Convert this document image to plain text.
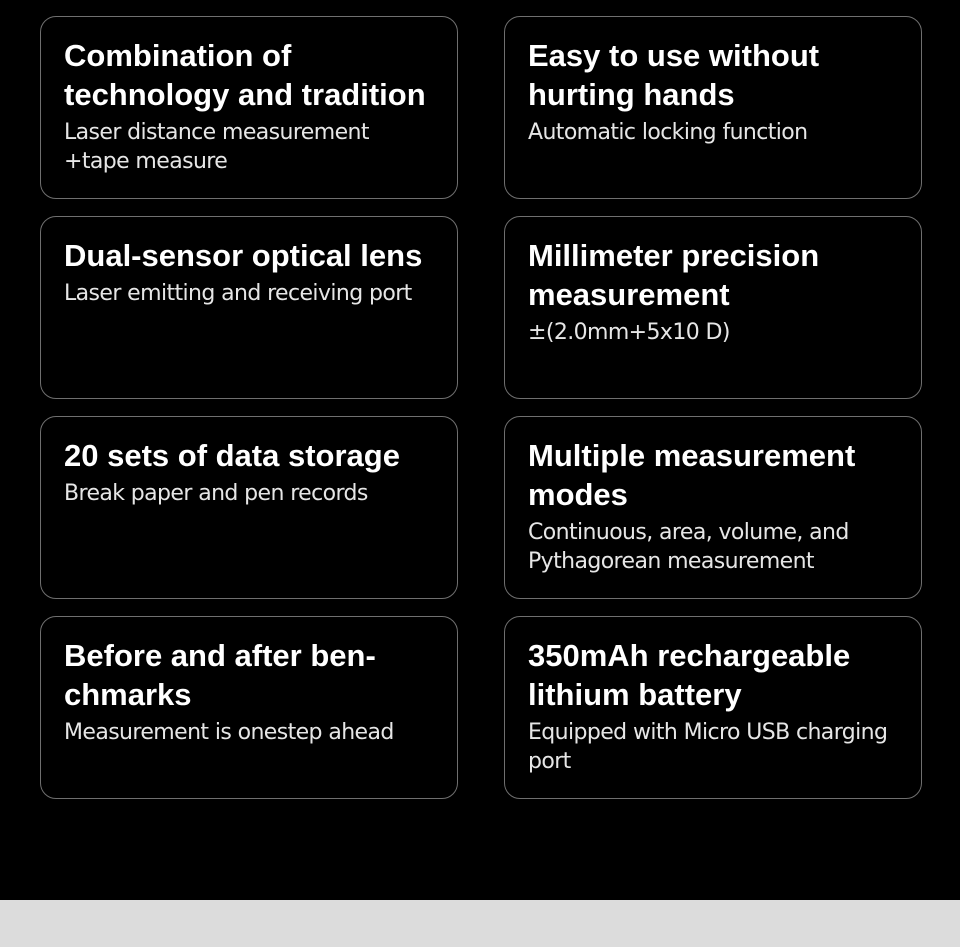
Combination of technology and tradition
Laser distance measurement +tape measure
Easy to use without hurting hands
Automatic locking function
Dual-sensor optical lens
Laser emitting and receiving port
Millimeter precision measurement
±(2.0mm+5x10 D)
20 sets of data storage
Break paper and pen records
Multiple measurement modes
Continuous, area, volume, and Pythagorean measurement
Before and after ben-chmarks
Measurement is onestep ahead
350mAh rechargeable lithium battery
Equipped with Micro USB charging port
